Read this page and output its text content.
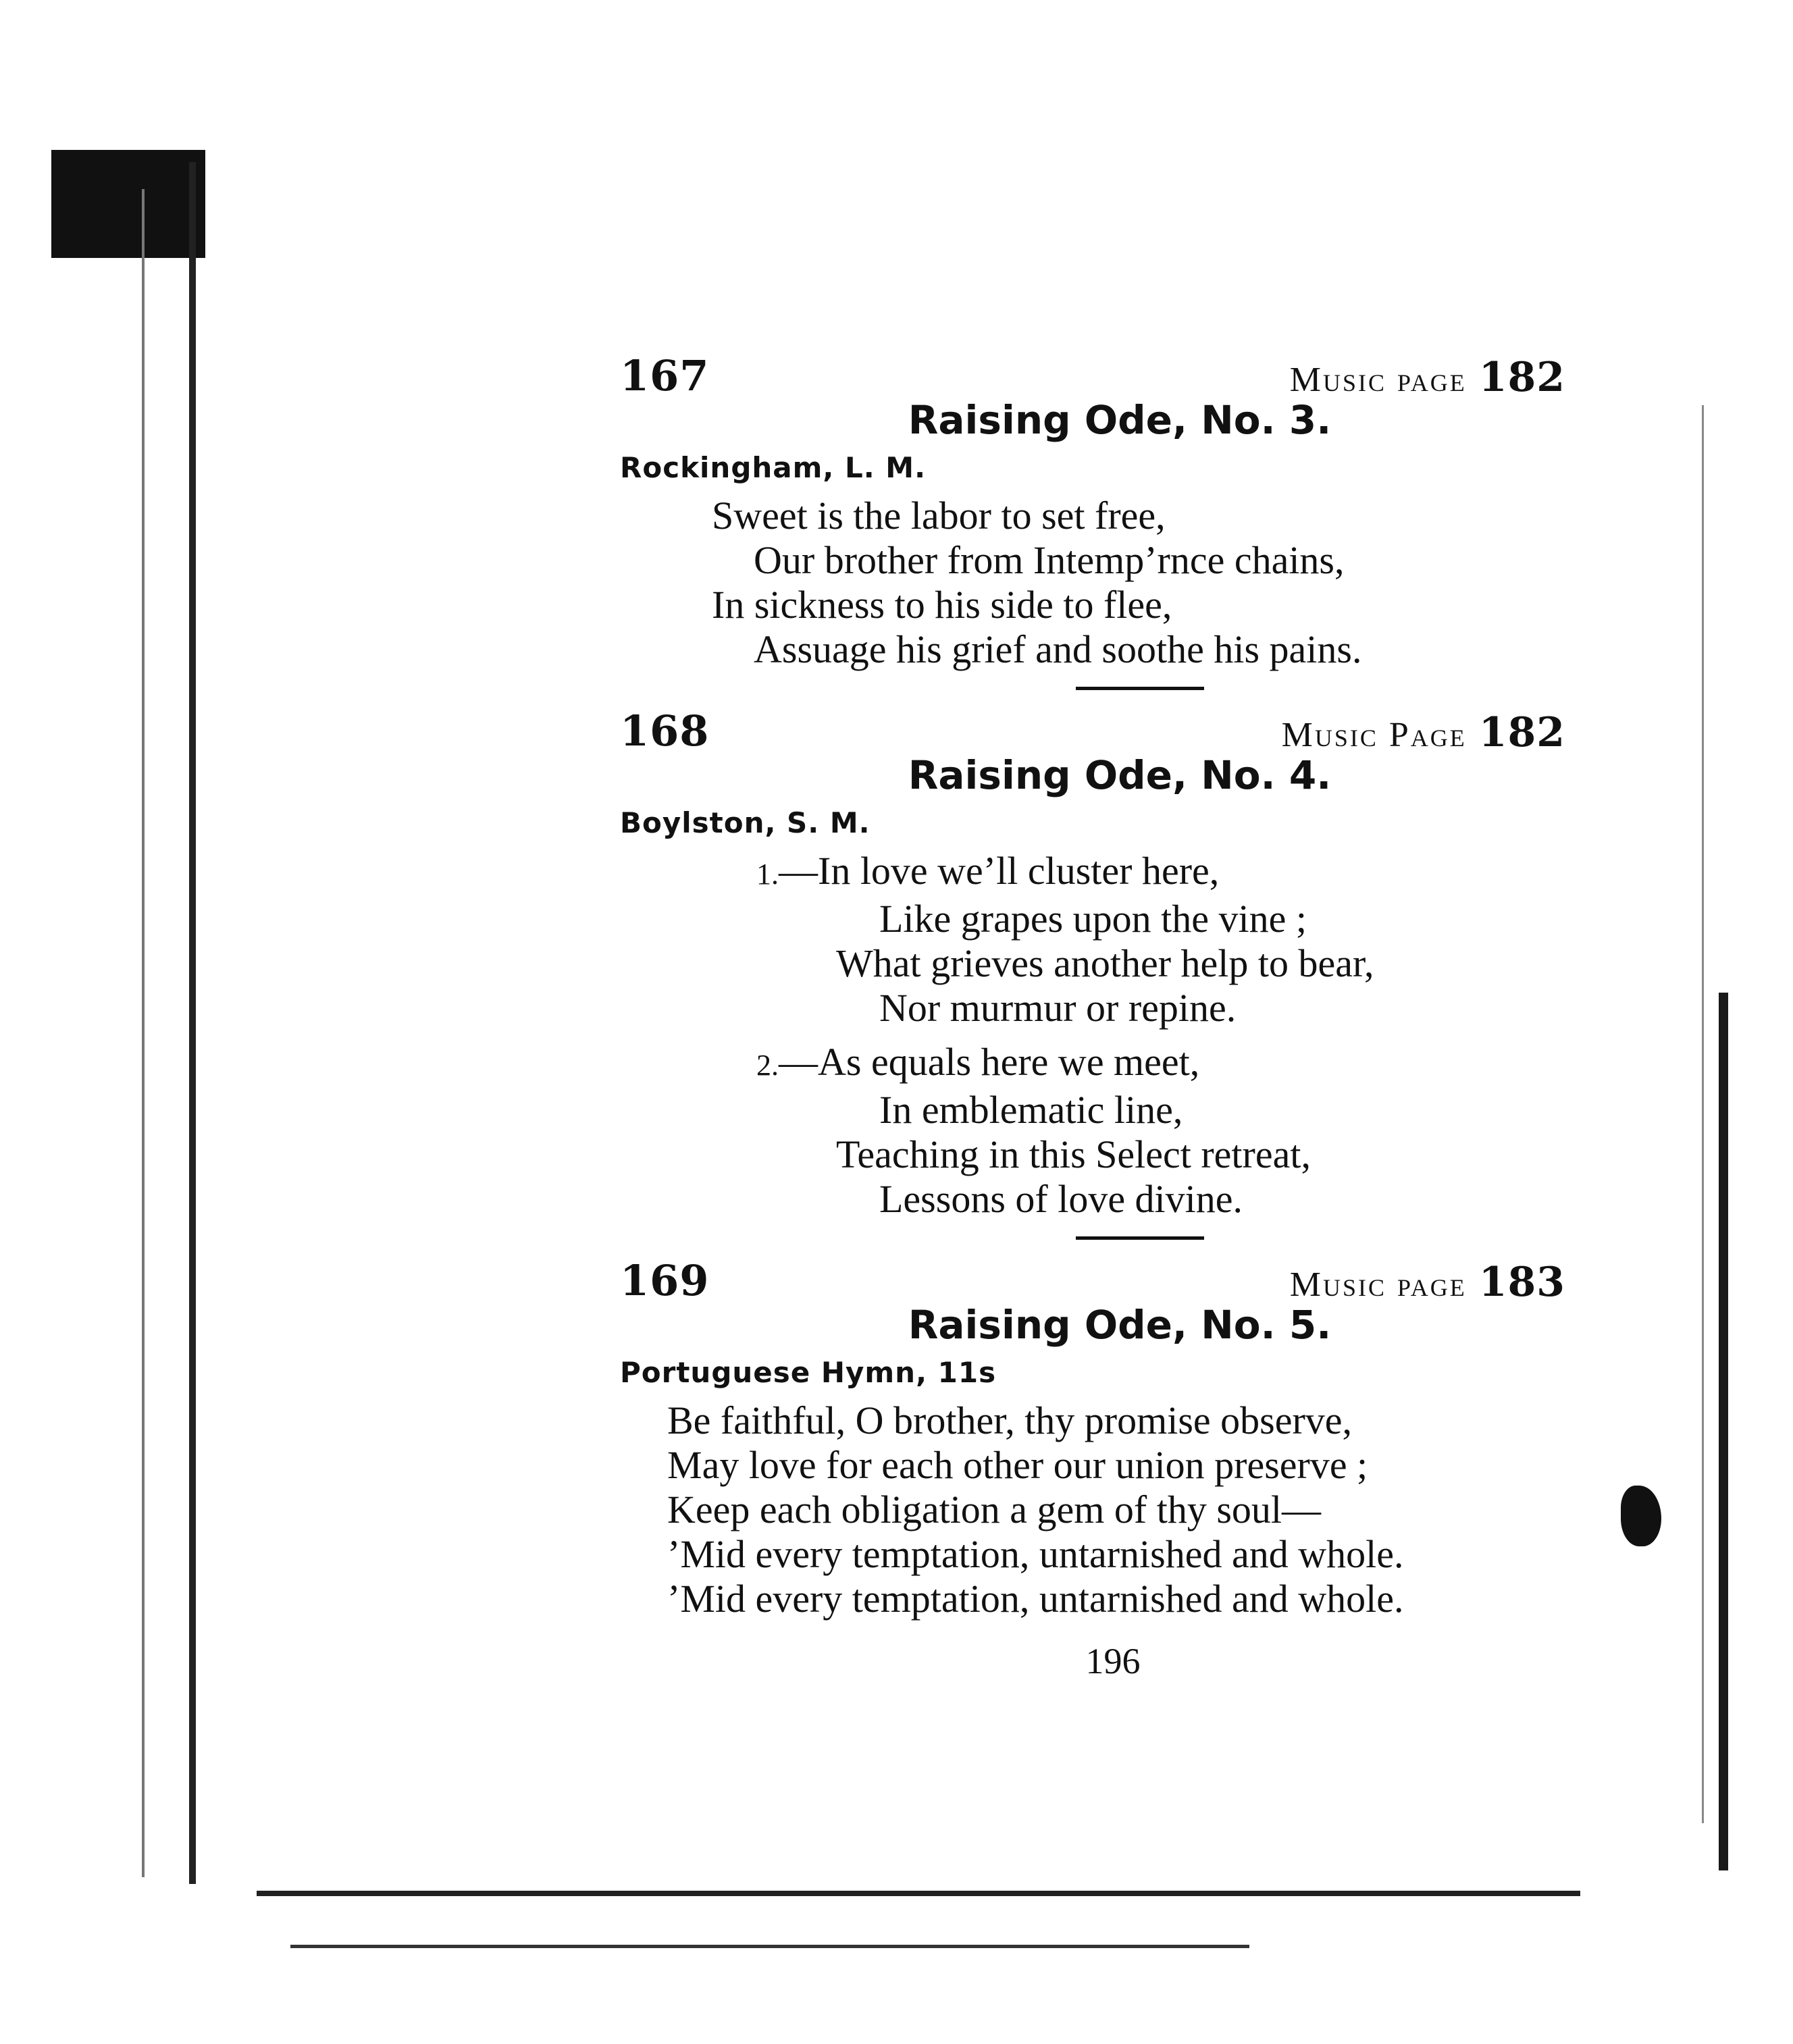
167	Music page 182
Raising Ode, No. 3.
Rockingham, L. M.
Sweet is the labor to set free,
Our brother from Intemp’rnce chains,
In sickness to his side to flee,
Assuage his grief and soothe his pains.
168	Music Page 182
Raising Ode, No. 4.
Boylston, S. M.
1.—In love we’ll cluster here,
Like grapes upon the vine ;
What grieves another help to bear,
Nor murmur or repine.
2.—As equals here we meet,
In emblematic line,
Teaching in this Select retreat,
Lessons of love divine.
169	Music page 183
Raising Ode, No. 5.
Portuguese Hymn, 11s
Be faithful, O brother, thy promise observe,
May love for each other our union preserve ;
Keep each obligation a gem of thy soul—
’Mid every temptation, untarnished and whole.
’Mid every temptation, untarnished and whole.
196
